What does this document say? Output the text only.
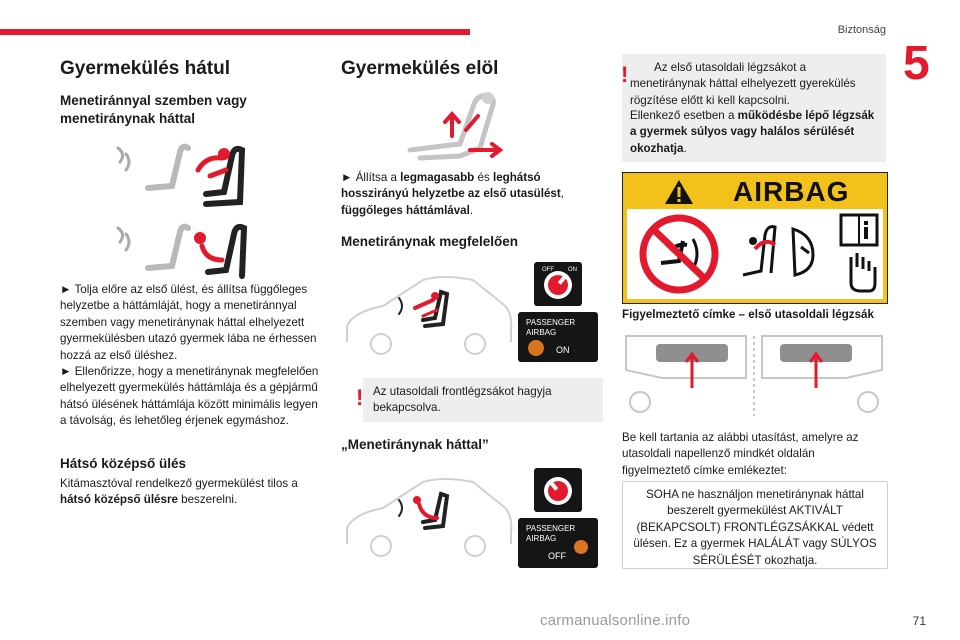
Biztonság
5
Gyermekülés hátul
Menetiránnyal szemben vagy menetiránynak háttal

► Tolja előre az első ülést, és állítsa függőleges helyzetbe a háttámláját, hogy a menetiránnyal szemben vagy menetiránynak háttal elhelyezett gyermekülésben utazó gyermek lába ne érhessen hozzá az első üléshez.

► Ellenőrizze, hogy a menetiránynak megfelelően elhelyezett gyermekülés háttámlája és a gépjármű hátsó ülésének háttámlája között minimális legyen a távolság, és lehetőleg érjenek egymáshoz.

Hátsó középső ülés
Kitámasztóval rendelkező gyermekülést tilos a hátsó középső ülésre beszerelni.
Gyermekülés elöl
► Állítsa a legmagasabb és leghátsó hosszirányú helyzetbe az első utasülést, függőleges háttámlával.
Menetiránynak megfelelően
OFF ON
PASSENGER
AIRBAG
ON
! Az utasoldali frontlégzsákot hagyja bekapcsolva.
„Menetiránynak háttal”
PASSENGER
AIRBAG
OFF
!	Az első utasoldali légzsákot a menetiránynak háttal elhelyezett gyerekülés rögzítése előtt ki kell kapcsolni.
Ellenkező esetben a működésbe lépő légzsák a gyermek súlyos vagy halálos sérülését okozhatja.
AIRBAG
Figyelmeztető címke – első utasoldali légzsák
Be kell tartania az alábbi utasítást, amelyre az utasoldali napellenző mindkét oldalán figyelmeztető címke emlékeztet:
SOHA ne használjon menetiránynak háttal beszerelt gyermekülést AKTIVÁLT (BEKAPCSOLT) FRONTLÉGZSÁKKAL védett ülésen. Ez a gyermek HALÁLÁT vagy SÚLYOS SÉRÜLÉSÉT okozhatja.
carmanualsonline.info	71
